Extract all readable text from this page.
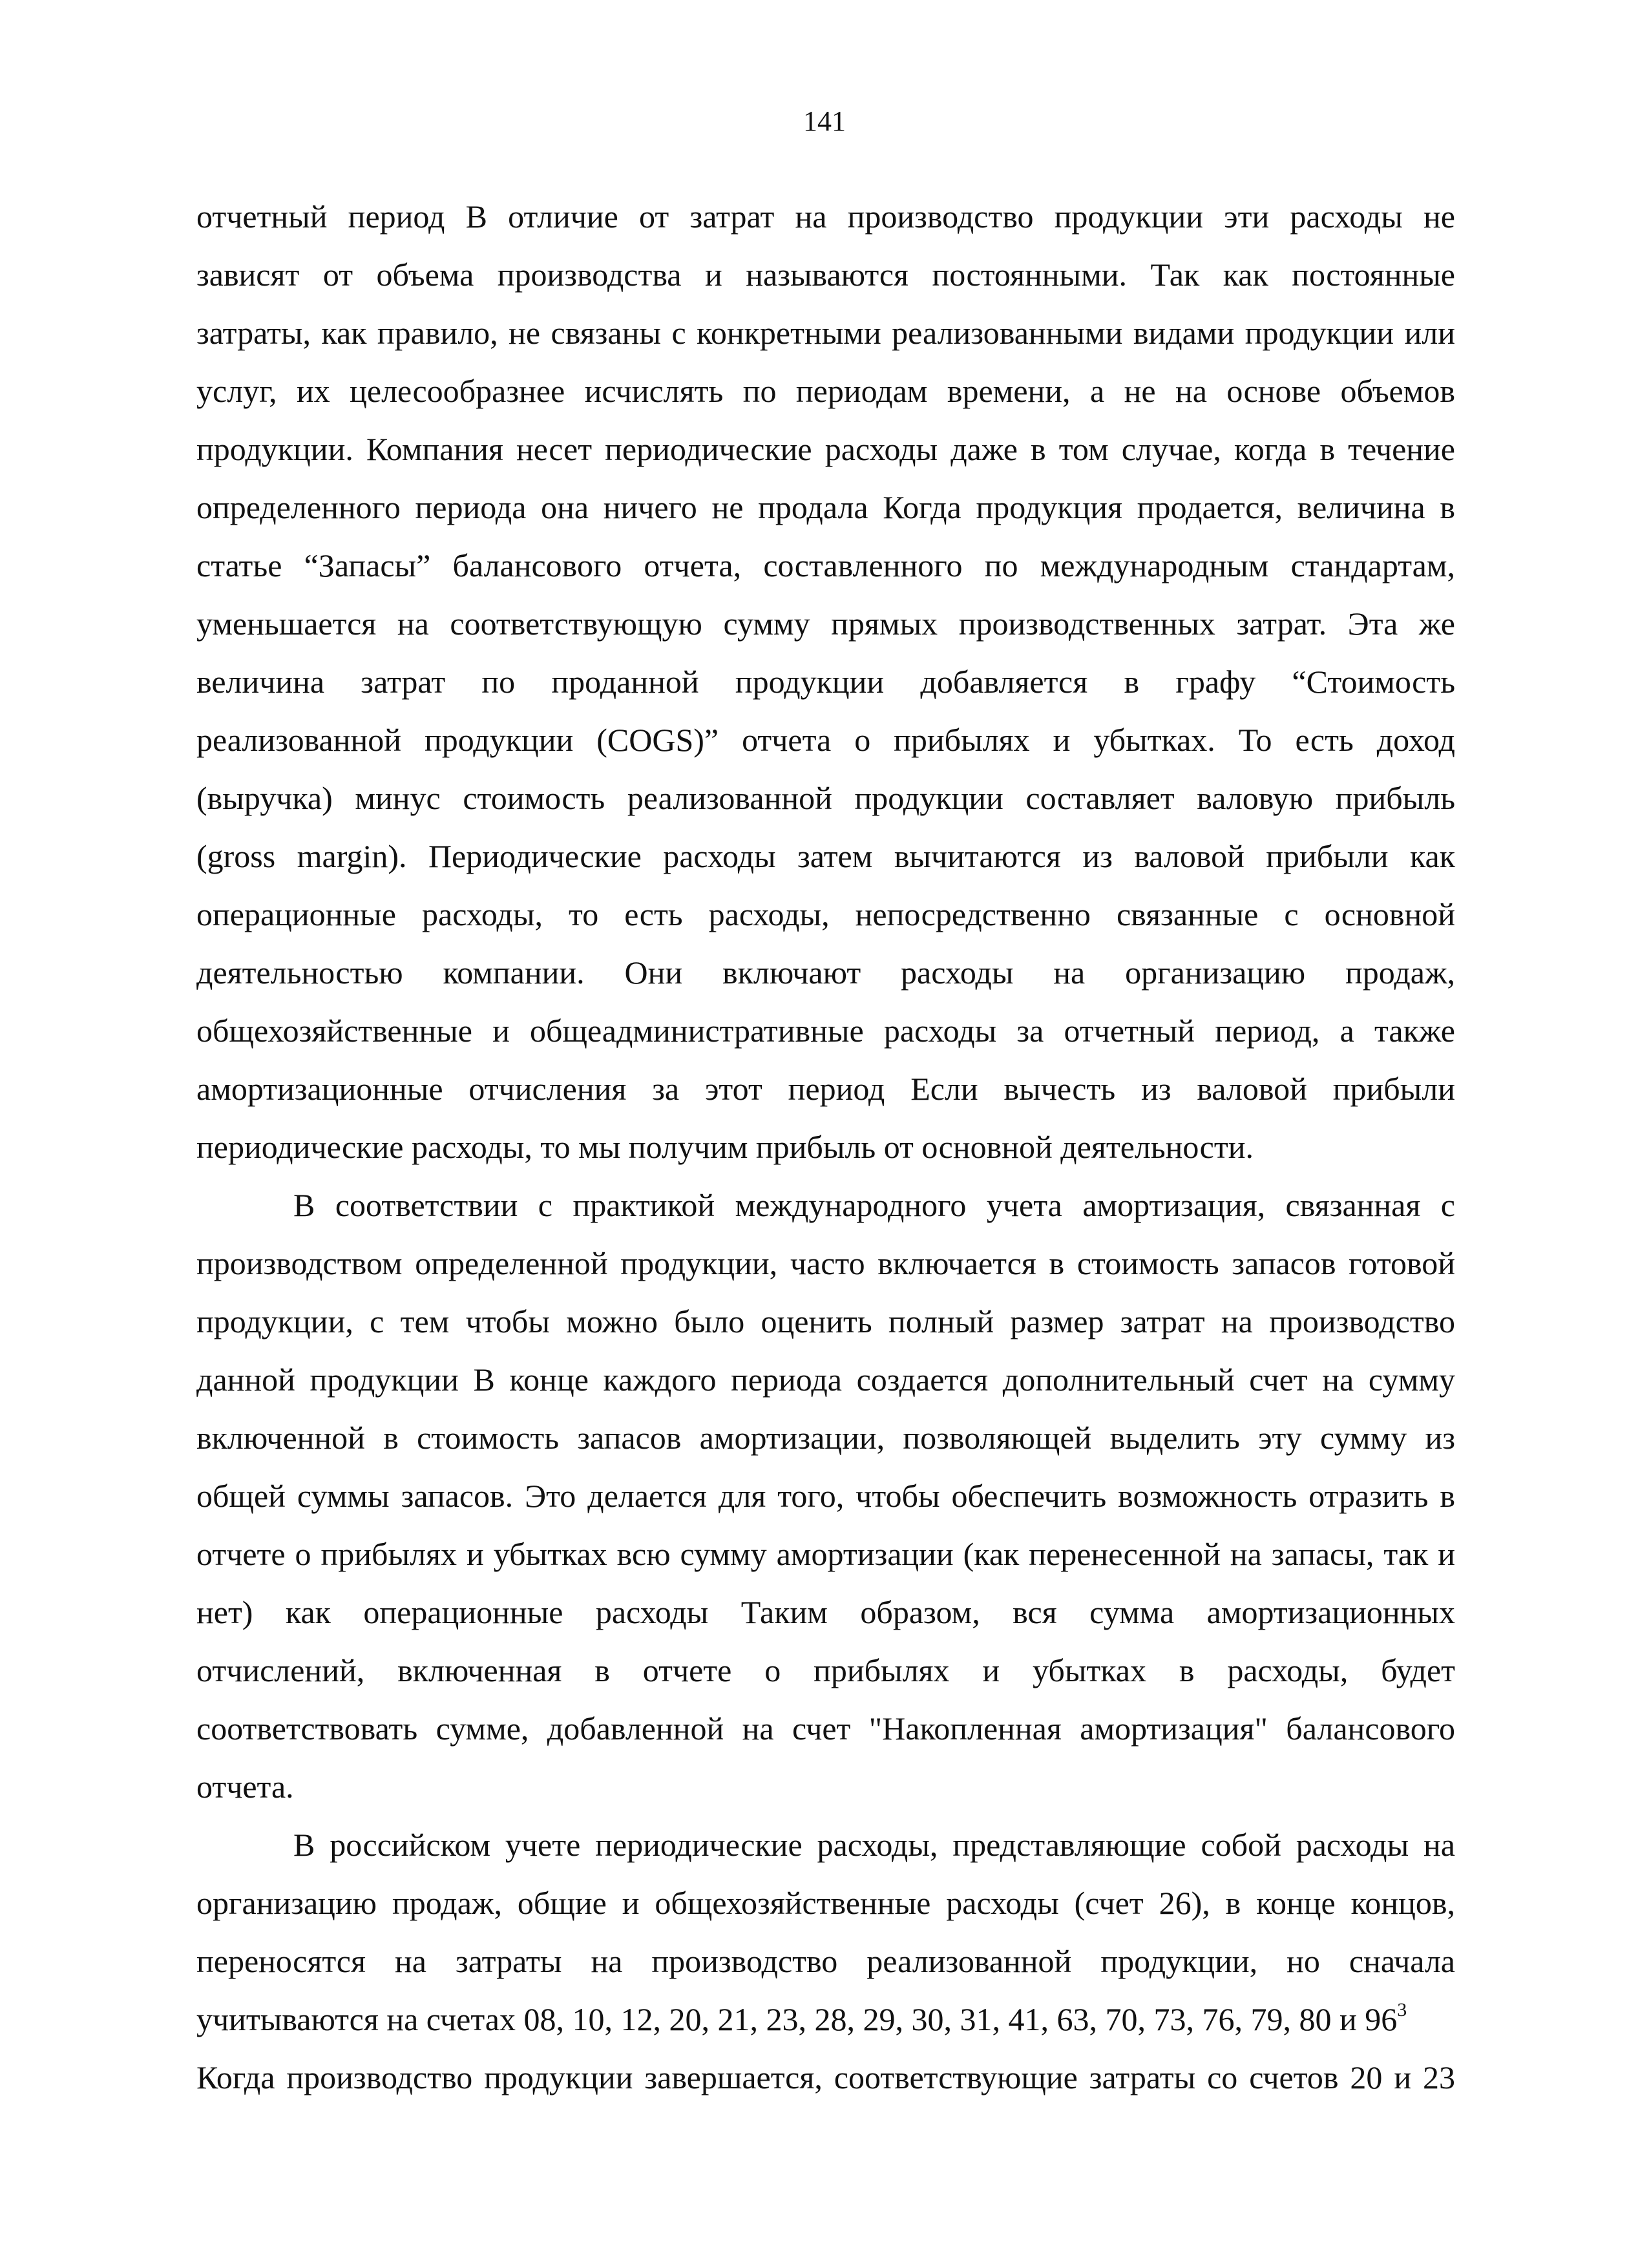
141
отчетный период В отличие от затрат на производство продукции эти расходы не
зависят от объема производства и называются постоянными. Так как постоянные
затраты, как правило, не связаны с конкретными реализованными видами продукции или
услуг, их целесообразнее исчислять по периодам времени, а не на основе объемов
продукции. Компания несет периодические расходы даже в том случае, когда в течение
определенного периода она ничего не продала Когда продукция продается, величина в
статье “Запасы” балансового отчета, составленного по международным стандартам,
уменьшается на соответствующую сумму прямых производственных затрат. Эта же
величина затрат по проданной продукции добавляется в графу “Стоимость
реализованной продукции (COGS)” отчета о прибылях и убытках. То есть доход
(выручка) минус стоимость реализованной продукции составляет валовую прибыль
(gross margin). Периодические расходы затем вычитаются из валовой прибыли как
операционные расходы, то есть расходы, непосредственно связанные с основной
деятельностью компании. Они включают расходы на организацию продаж,
общехозяйственные и общеадминистративные расходы за отчетный период, а также
амортизационные отчисления за этот период Если вычесть из валовой прибыли
периодические расходы, то мы получим прибыль от основной деятельности.
В соответствии с практикой международного учета амортизация, связанная с
производством определенной продукции, часто включается в стоимость запасов готовой
продукции, с тем чтобы можно было оценить полный размер затрат на производство
данной продукции В конце каждого периода создается дополнительный счет на сумму
включенной в стоимость запасов амортизации, позволяющей выделить эту сумму из
общей суммы запасов. Это делается для того, чтобы обеспечить возможность отразить в
отчете о прибылях и убытках всю сумму амортизации (как перенесенной на запасы, так и
нет) как операционные расходы Таким образом, вся сумма амортизационных
отчислений, включенная в отчете о прибылях и убытках в расходы, будет
соответствовать сумме, добавленной на счет "Накопленная амортизация" балансового
отчета.
В российском учете периодические расходы, представляющие собой расходы на
организацию продаж, общие и общехозяйственные расходы (счет 26), в конце концов,
переносятся на затраты на производство реализованной продукции, но сначала
учитываются на счетах 08, 10, 12, 20, 21, 23, 28, 29, 30, 31, 41, 63, 70, 73, 76, 79, 80 и $96^3$
Когда производство продукции завершается, соответствующие затраты со счетов 20 и 23
